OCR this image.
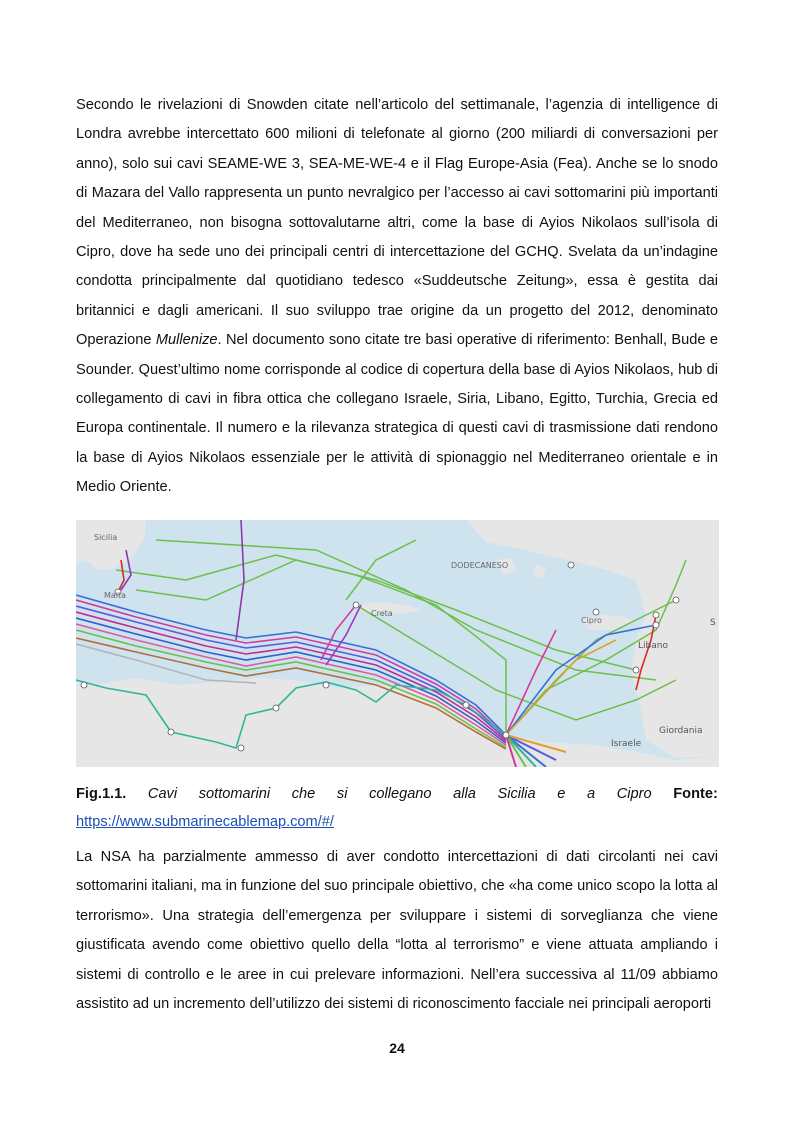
Secondo le rivelazioni di Snowden citate nell’articolo del settimanale, l’agenzia di intelligence di Londra avrebbe intercettato 600 milioni di telefonate al giorno (200 miliardi di conversazioni per anno), solo sui cavi SEAME-WE 3, SEA-ME-WE-4 e il Flag Europe-Asia (Fea). Anche se lo snodo di Mazara del Vallo rappresenta un punto nevralgico per l’accesso ai cavi sottomarini più importanti del Mediterraneo, non bisogna sottovalutarne altri, come la base di Ayios Nikolaos sull’isola di Cipro, dove ha sede uno dei principali centri di intercettazione del GCHQ. Svelata da un’indagine condotta principalmente dal quotidiano tedesco «Suddeutsche Zeitung», essa è gestita dai britannici e dagli americani. Il suo sviluppo trae origine da un progetto del 2012, denominato Operazione Mullenize. Nel documento sono citate tre basi operative di riferimento: Benhall, Bude e Sounder. Quest’ultimo nome corrisponde al codice di copertura della base di Ayios Nikolaos, hub di collegamento di cavi in fibra ottica che collegano Israele, Siria, Libano, Egitto, Turchia, Grecia ed Europa continentale. Il numero e la rilevanza strategica di questi cavi di trasmissione dati rendono la base di Ayios Nikolaos essenziale per le attività di spionaggio nel Mediterraneo orientale e in Medio Oriente.

Sicilia
Malta
DODECANESO
Creta
Cipro
Libano
Giordania
Israele
S
Fig.1.1. Cavi sottomarini che si collegano alla Sicilia e a Cipro Fonte:
https://www.submarinecablemap.com/#/

La NSA ha parzialmente ammesso di aver condotto intercettazioni di dati circolanti nei cavi sottomarini italiani, ma in funzione del suo principale obiettivo, che «ha come unico scopo la lotta al terrorismo». Una strategia dell’emergenza per sviluppare i sistemi di sorveglianza che viene giustificata avendo come obiettivo quello della “lotta al terrorismo” e viene attuata ampliando i sistemi di controllo e le aree in cui prelevare informazioni. Nell’era successiva al 11/09 abbiamo assistito ad un incremento dell’utilizzo dei sistemi di riconoscimento facciale nei principali aeroporti

24
